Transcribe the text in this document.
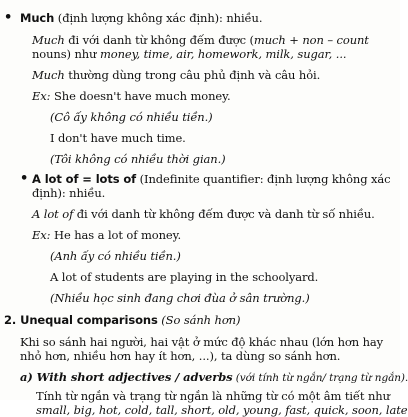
• Much (định lượng không xác định): nhiều.
Much đi với danh từ không đếm được (much + non – count
nouns) như money, time, air, homework, milk, sugar, ...
Much thường dùng trong câu phủ định và câu hỏi.
Ex: She doesn't have much money.
(Cô ấy không có nhiều tiền.)
I don't have much time.
(Tôi không có nhiều thời gian.)
• A lot of = lots of (Indefinite quantifier: định lượng không xác
định): nhiều.
A lot of đi với danh từ không đếm được và danh từ số nhiều.
Ex: He has a lot of money.
(Anh ấy có nhiều tiền.)
A lot of students are playing in the schoolyard.
(Nhiều học sinh đang chơi đùa ở sân trường.)
2. Unequal comparisons (So sánh hơn)
Khi so sánh hai người, hai vật ở mức độ khác nhau (lớn hơn hay
nhỏ hơn, nhiều hơn hay ít hơn, ...), ta dùng so sánh hơn.
a) With short adjectives / adverbs (với tính từ ngắn/ trạng từ ngắn).
Tính từ ngắn và trạng từ ngắn là những từ có một âm tiết như
small, big, hot, cold, tall, short, old, young, fast, quick, soon, late
